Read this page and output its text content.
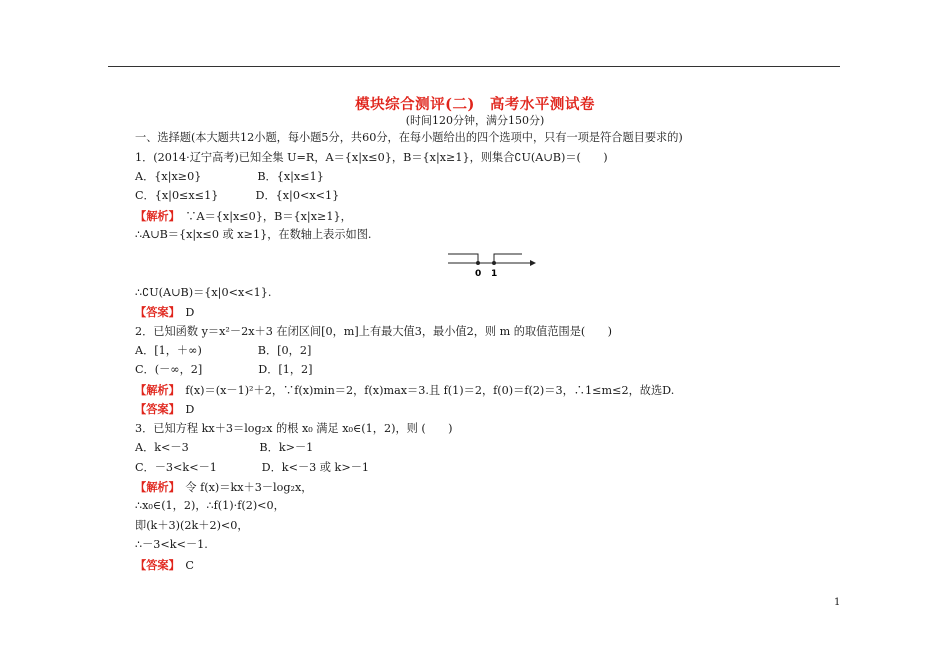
模块综合测评(二)　高考水平测试卷
(时间120分钟，满分150分)
一、选择题(本大题共12小题，每小题5分，共60分，在每小题给出的四个选项中，只有一项是符合题目要求的)
1．(2014·辽宁高考)已知全集 U=R，A＝{x|x≤0}，B＝{x|x≥1}，则集合∁U(A∪B)＝(　　)
A．{x|x≥0}　　　　　B．{x|x≤1}
C．{x|0≤x≤1}　　　 D．{x|0<x<1}
【解析】　∵A＝{x|x≤0}，B＝{x|x≥1}，
∴A∪B＝{x|x≤0 或 x≥1}，在数轴上表示如图.
0 1
∴∁U(A∪B)＝{x|0<x<1}.
【答案】　D
2．已知函数 y＝x²－2x＋3 在闭区间[0，m]上有最大值3，最小值2，则 m 的取值范围是(　　)
A．[1，＋∞)　　　　　B．[0，2]
C．(－∞，2]　　　　　D．[1，2]
【解析】　f(x)＝(x－1)²＋2，∵f(x)min＝2，f(x)max＝3.且 f(1)＝2，f(0)＝f(2)＝3，∴1≤m≤2，故选D.
【答案】　D
3．已知方程 kx＋3＝log₂x 的根 x₀ 满足 x₀∈(1，2)，则 (　　)
A．k<－3　　　　　　 B．k>－1
C．－3<k<－1　　　　D．k<－3 或 k>－1
【解析】　令 f(x)＝kx＋3－log₂x，
∴x₀∈(1，2)，∴f(1)·f(2)<0，
即(k＋3)(2k＋2)<0，
∴－3<k<－1.
【答案】　C
1
